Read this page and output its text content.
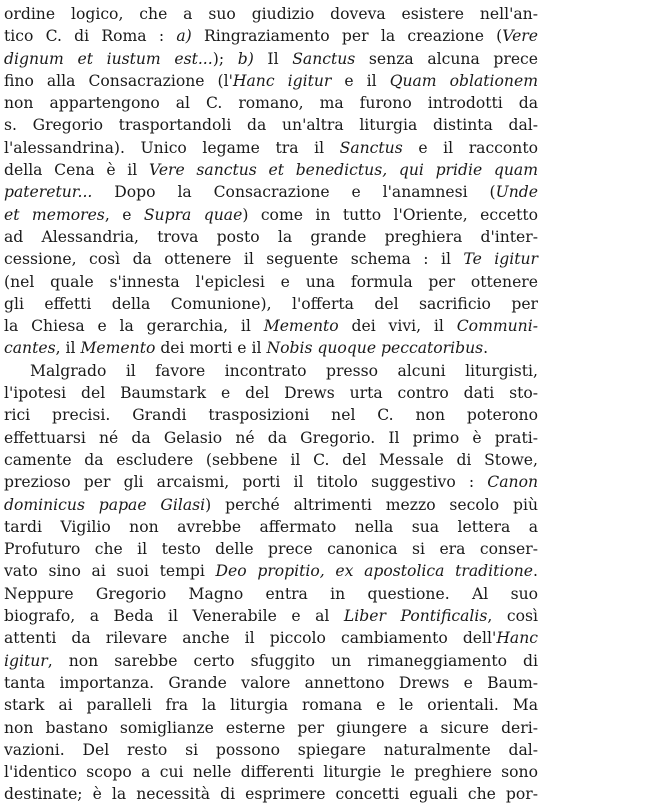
ordine logico, che a suo giudizio doveva esistere nell'an-
tico C. di Roma : a) Ringraziamento per la creazione (Vere
dignum et iustum est...); b) Il Sanctus senza alcuna prece
fino alla Consacrazione (l'Hanc igitur e il Quam oblationem
non appartengono al C. romano, ma furono introdotti da
s. Gregorio trasportandoli da un'altra liturgia distinta dal-
l'alessandrina). Unico legame tra il Sanctus e il racconto
della Cena è il Vere sanctus et benedictus, qui pridie quam
pateretur... Dopo la Consacrazione e l'anamnesi (Unde
et memores, e Supra quae) come in tutto l'Oriente, eccetto
ad Alessandria, trova posto la grande preghiera d'inter-
cessione, così da ottenere il seguente schema : il Te igitur
(nel quale s'innesta l'epiclesi e una formula per ottenere
gli effetti della Comunione), l'offerta del sacrificio per
la Chiesa e la gerarchia, il Memento dei vivi, il Communi-
cantes, il Memento dei morti e il Nobis quoque peccatoribus.
Malgrado il favore incontrato presso alcuni liturgisti,
l'ipotesi del Baumstark e del Drews urta contro dati sto-
rici precisi. Grandi trasposizioni nel C. non poterono
effettuarsi né da Gelasio né da Gregorio. Il primo è prati-
camente da escludere (sebbene il C. del Messale di Stowe,
prezioso per gli arcaismi, porti il titolo suggestivo : Canon
dominicus papae Gilasi) perché altrimenti mezzo secolo più
tardi Vigilio non avrebbe affermato nella sua lettera a
Profuturo che il testo delle prece canonica si era conser-
vato sino ai suoi tempi Deo propitio, ex apostolica traditione.
Neppure Gregorio Magno entra in questione. Al suo
biografo, a Beda il Venerabile e al Liber Pontificalis, così
attenti da rilevare anche il piccolo cambiamento dell'Hanc
igitur, non sarebbe certo sfuggito un rimaneggiamento di
tanta importanza. Grande valore annettono Drews e Baum-
stark ai paralleli fra la liturgia romana e le orientali. Ma
non bastano somiglianze esterne per giungere a sicure deri-
vazioni. Del resto si possono spiegare naturalmente dal-
l'identico scopo a cui nelle differenti liturgie le preghiere sono
destinate; è la necessità di esprimere concetti eguali che por-
